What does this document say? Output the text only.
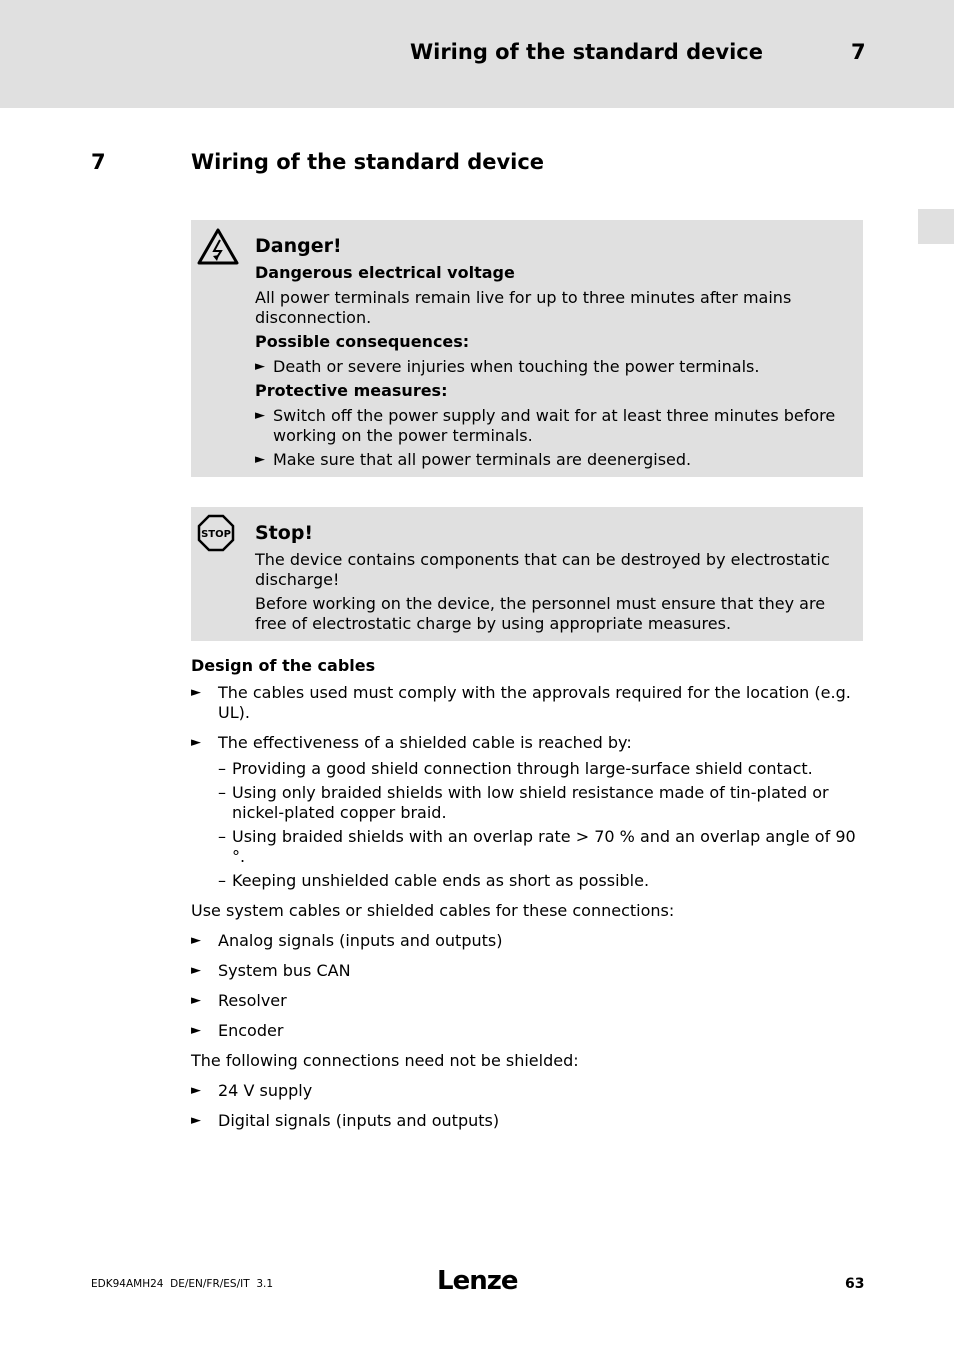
Wiring of the standard device	7
7	Wiring of the standard device
Danger!
Dangerous electrical voltage
All power terminals remain live for up to three minutes after mains disconnection.
Possible consequences:
► Death or severe injuries when touching the power terminals.
Protective measures:
► Switch off the power supply and wait for at least three minutes before working on the power terminals.
► Make sure that all power terminals are deenergised.
STOP Stop!
The device contains components that can be destroyed by electrostatic discharge!
Before working on the device, the personnel must ensure that they are free of electrostatic charge by using appropriate measures.
Design of the cables
► The cables used must comply with the approvals required for the location (e.g. UL).
► The effectiveness of a shielded cable is reached by:
– Providing a good shield connection through large-surface shield contact.
– Using only braided shields with low shield resistance made of tin-plated or nickel-plated copper braid.
– Using braided shields with an overlap rate > 70 % and an overlap angle of 90 °.
– Keeping unshielded cable ends as short as possible.
Use system cables or shielded cables for these connections:
► Analog signals (inputs and outputs)
► System bus CAN
► Resolver
► Encoder
The following connections need not be shielded:
► 24 V supply
► Digital signals (inputs and outputs)
EDK94AMH24  DE/EN/FR/ES/IT  3.1	Lenze	63
